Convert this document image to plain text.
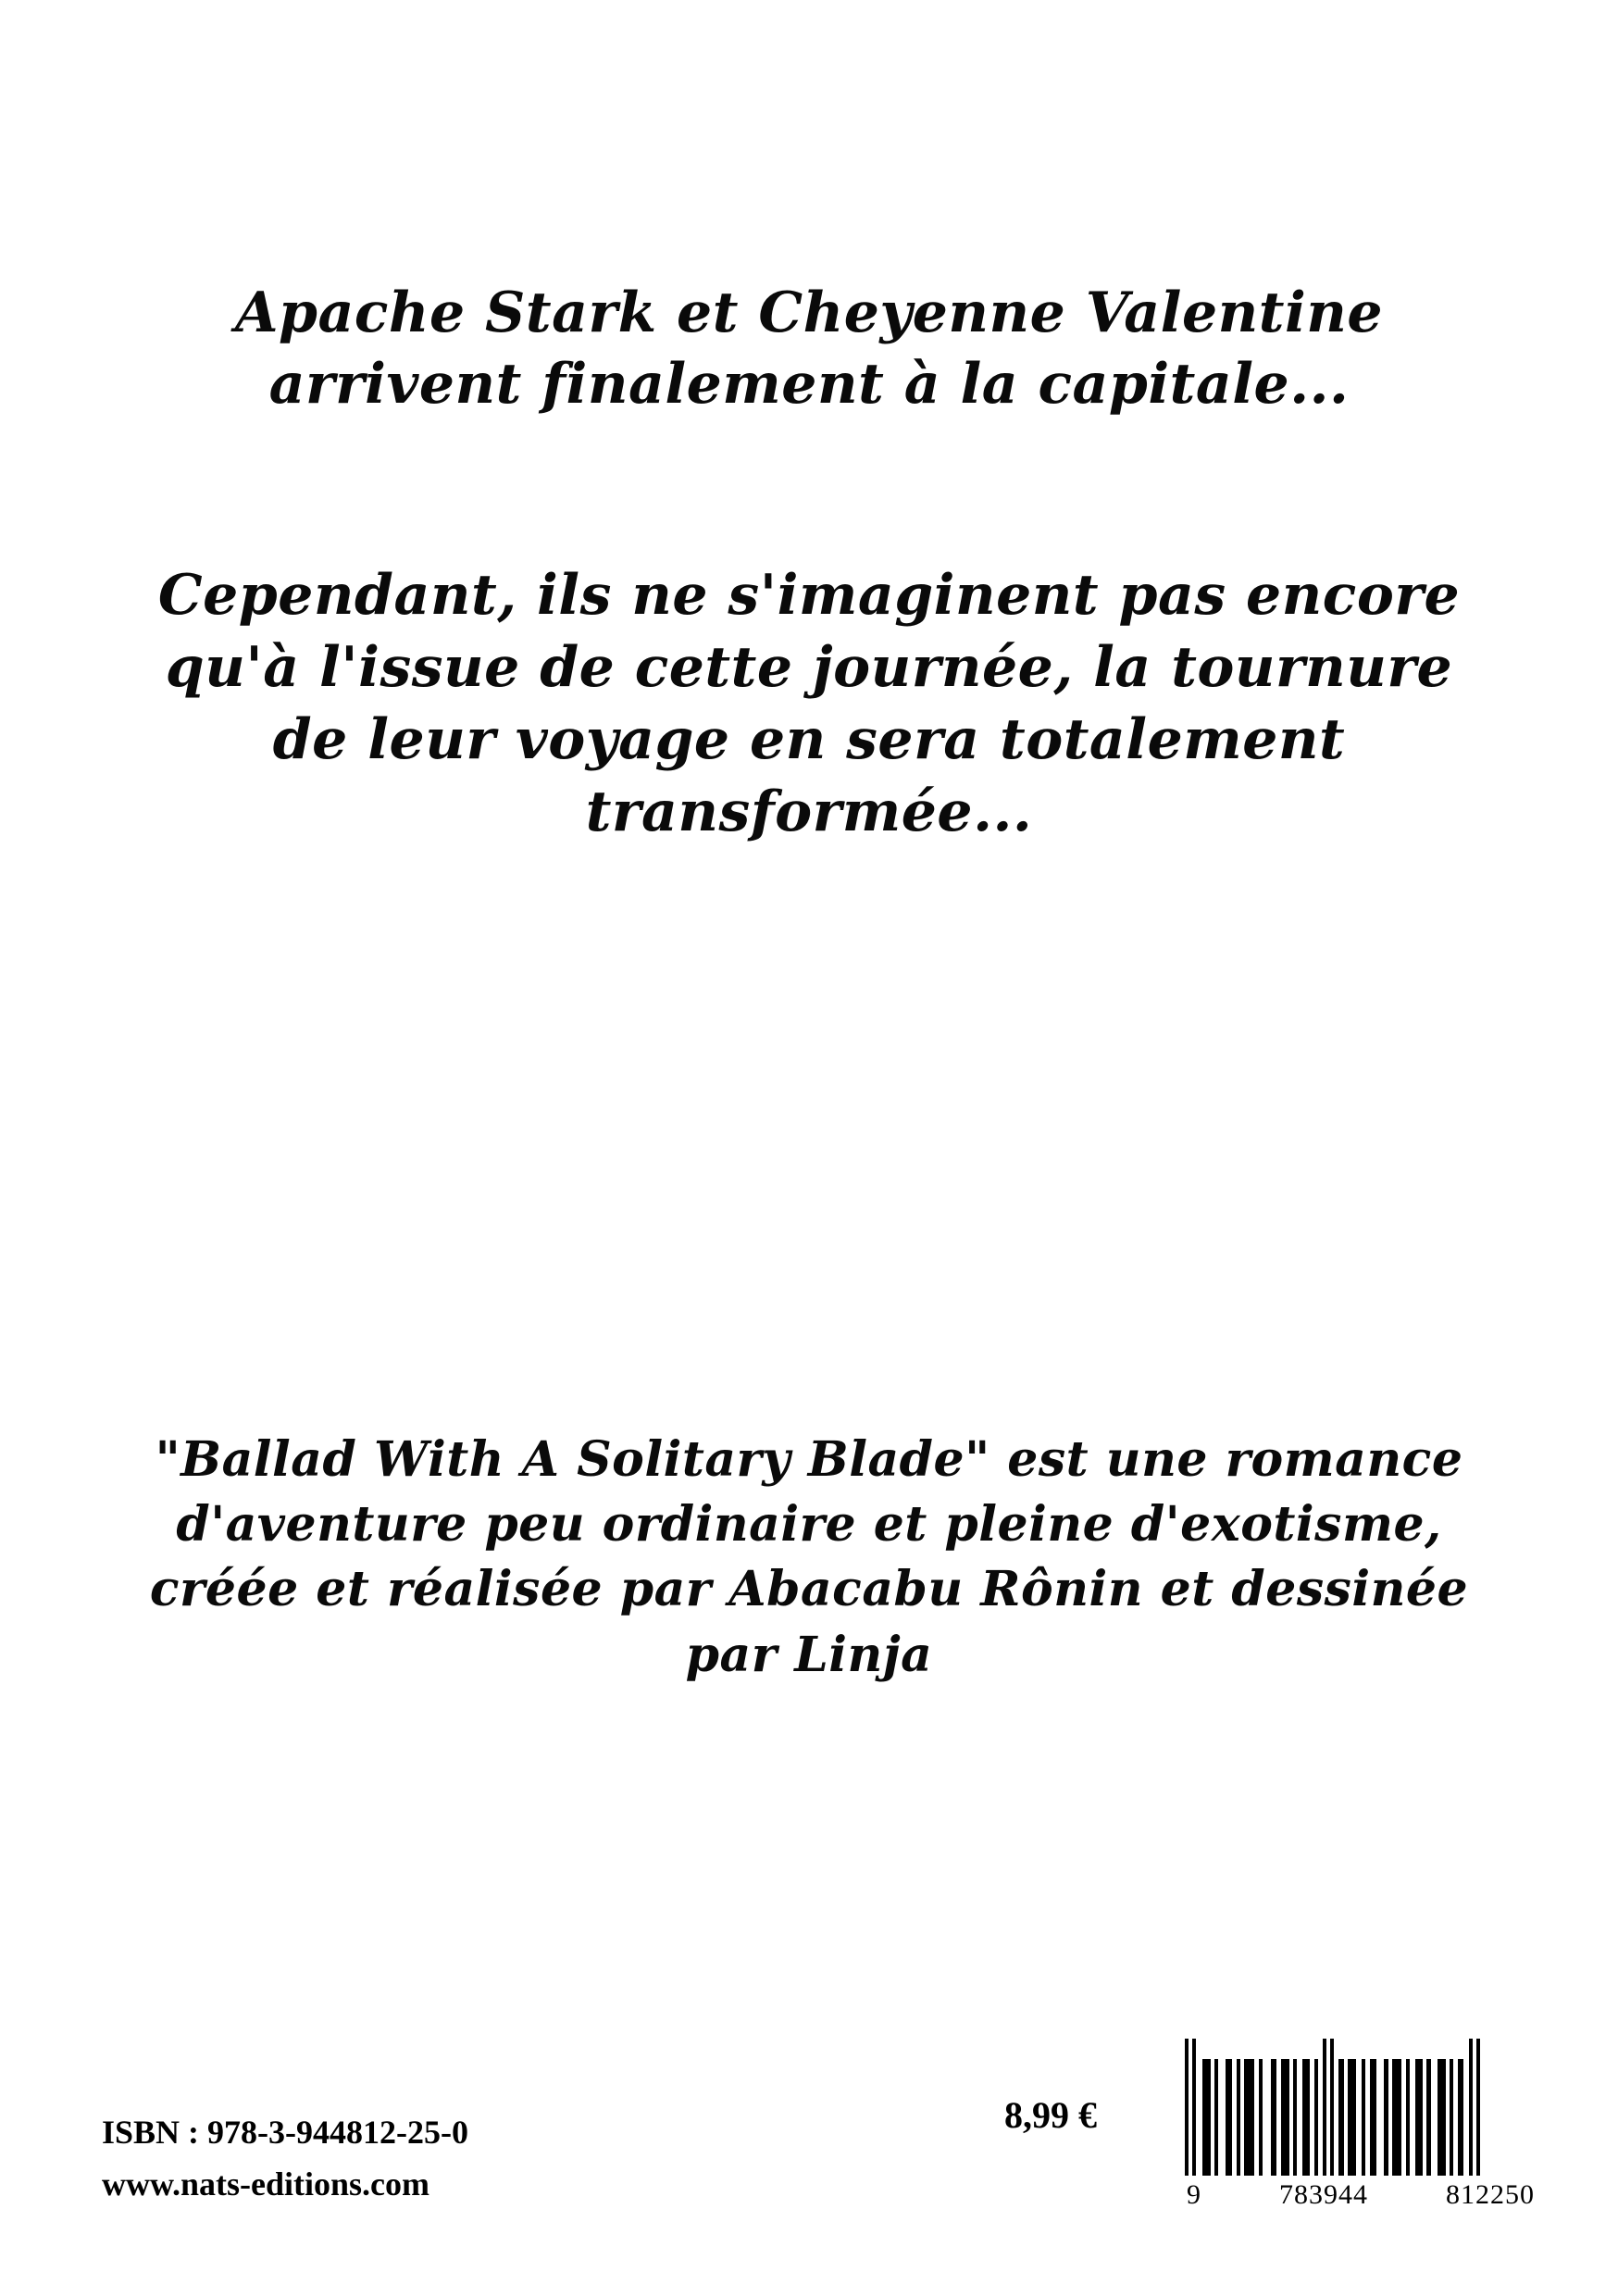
Apache Stark et Cheyenne Valentine arrivent finalement à la capitale...

Cependant, ils ne s'imaginent pas encore qu'à l'issue de cette journée, la tournure de leur voyage en sera totalement transformée...

"Ballad With A Solitary Blade" est une romance d'aventure peu ordinaire et pleine d'exotisme, créée et réalisée par Abacabu Rônin et dessinée par Linja

ISBN : 978-3-944812-25-0
www.nats-editions.com
8,99 €
9	783944	812250
